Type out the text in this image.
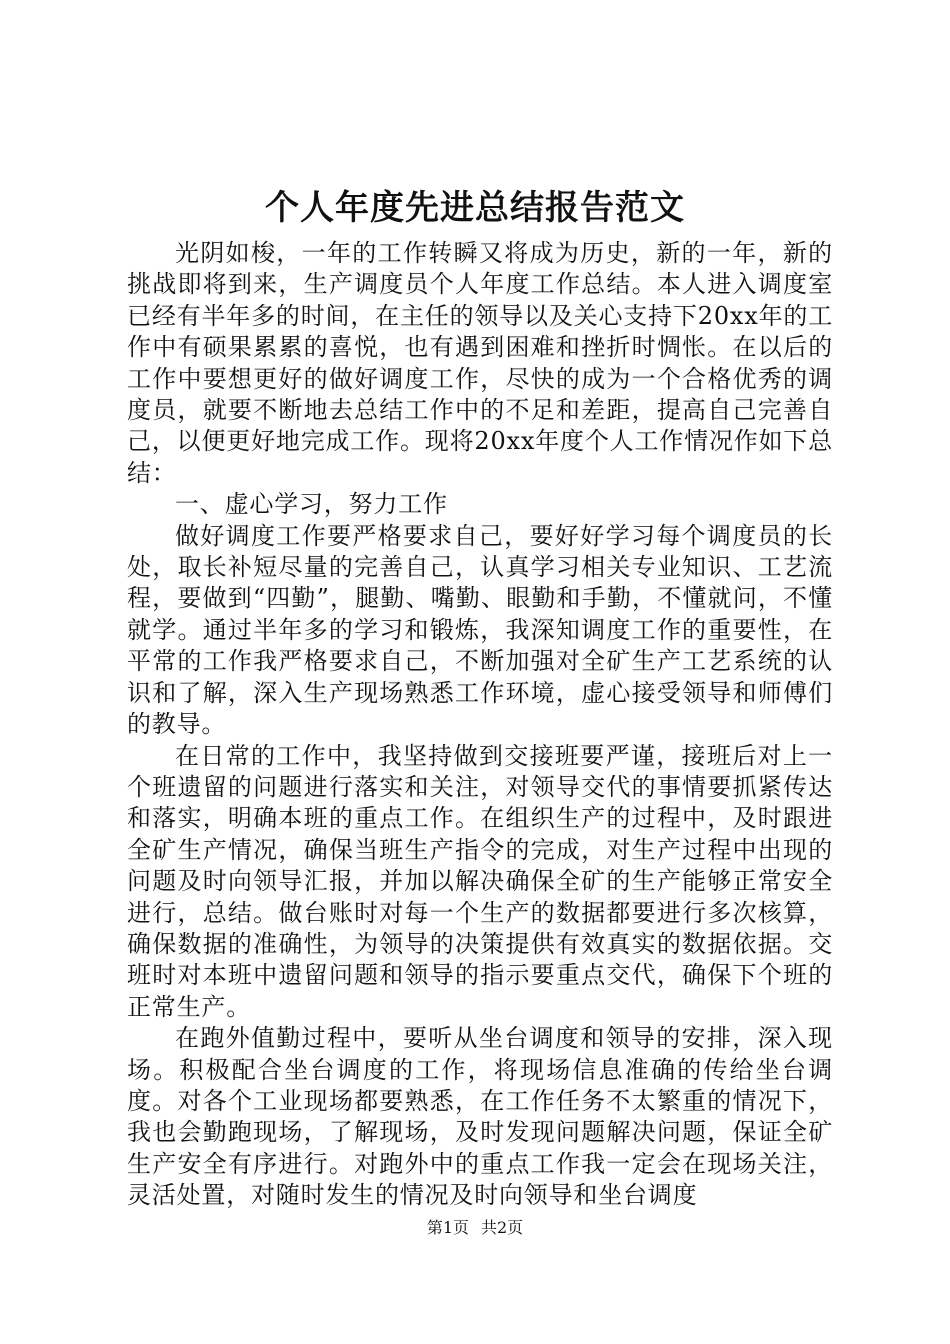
个人年度先进总结报告范文

光阴如梭，一年的工作转瞬又将成为历史，新的一年，新的挑战即将到来，生产调度员个人年度工作总结。本人进入调度室已经有半年多的时间，在主任的领导以及关心支持下20xx年的工作中有硕果累累的喜悦，也有遇到困难和挫折时惆怅。在以后的工作中要想更好的做好调度工作，尽快的成为一个合格优秀的调度员，就要不断地去总结工作中的不足和差距，提高自己完善自己，以便更好地完成工作。现将20xx年度个人工作情况作如下总结：

一、虚心学习，努力工作

做好调度工作要严格要求自己，要好好学习每个调度员的长处，取长补短尽量的完善自己，认真学习相关专业知识、工艺流程，要做到“四勤”，腿勤、嘴勤、眼勤和手勤，不懂就问，不懂就学。通过半年多的学习和锻炼，我深知调度工作的重要性，在平常的工作我严格要求自己，不断加强对全矿生产工艺系统的认识和了解，深入生产现场熟悉工作环境，虚心接受领导和师傅们的教导。

在日常的工作中，我坚持做到交接班要严谨，接班后对上一个班遗留的问题进行落实和关注，对领导交代的事情要抓紧传达和落实，明确本班的重点工作。在组织生产的过程中，及时跟进全矿生产情况，确保当班生产指令的完成，对生产过程中出现的问题及时向领导汇报，并加以解决确保全矿的生产能够正常安全进行，总结。做台账时对每一个生产的数据都要进行多次核算，确保数据的准确性，为领导的决策提供有效真实的数据依据。交班时对本班中遗留问题和领导的指示要重点交代，确保下个班的正常生产。

在跑外值勤过程中，要听从坐台调度和领导的安排，深入现场。积极配合坐台调度的工作，将现场信息准确的传给坐台调度。对各个工业现场都要熟悉，在工作任务不太繁重的情况下，我也会勤跑现场，了解现场，及时发现问题解决问题，保证全矿生产安全有序进行。对跑外中的重点工作我一定会在现场关注，灵活处置，对随时发生的情况及时向领导和坐台调度

第1页 共2页
